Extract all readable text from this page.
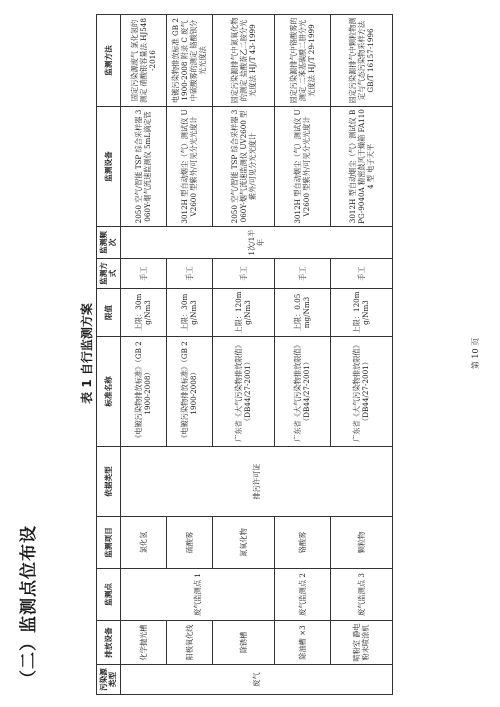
（二）监测点位布设
表 1 自行监测方案
污染源类型	排放设备	监测点	监测项目	依据类型	标准名称	限值	监测方式	监测频次	监测设备	监测方法
废气	化学抛光槽	废气监测点 1	氯化氢	排污许可证	《电镀污染物排放标准》（GB 21900-2008）	上限：30mg/Nm3	手工	1次/1半年	2050 空气/智能 TSP 综合采样器 3060Y-烟气流速监测仪 5mL滴定管	固定污染源废气 氯化氢的测定 硝酸银容量法 HJ548-2016
	阳极氧化线		硫酸雾		《电镀污染物排放标准》（GB 21900-2008）	上限：30mg/Nm3	手工		3012H 型自动烟尘（气）测试仪 UV2600 型紫外/可见分光光度计	电镀污染物排放标准 GB 21900-2008 附录 C 废气中硫酸雾的测定 铬酸钡分光光度法
	除锈槽		氮氧化物		广东省《大气污染物排放限值》（DB44/27-2001）	上限：120mg/Nm3	手工		2050 空气/智能 TSP 综合采样器 3060Y-烟气流速监测仪 UV2600 型 紫外/可见分光光度计	固定污染源排气中氮氧化物的测定 盐酸萘乙二胺分光光度法 HJ/T 43-1999
	除油槽 ×3	废气监测点 2	铬酸雾		广东省《大气污染物排放限值》（DB44/27-2001）	上限：0.05mg/Nm3	手工		3012H 型自动烟尘（气）测试仪 UV2600 型紫外/可见分光光度计	固定污染源排气中铬酸雾的测定 二苯基碳酰二肼分光光度法 HJ/T 29-1999
	喷粉室 静电粉末喷涂机	废气监测点 3	颗粒物		广东省《大气污染物排放限值》（DB44/27-2001）	上限：120mg/Nm3	手工		3012H 型自动烟尘（气）测试仪 BPG-9040A 精密鼓风干燥箱 FA1104 型 电子天平	固定污染源排气中颗粒物测定与气态污染物采样方法 GB/T 16157-1996
第 10 页
